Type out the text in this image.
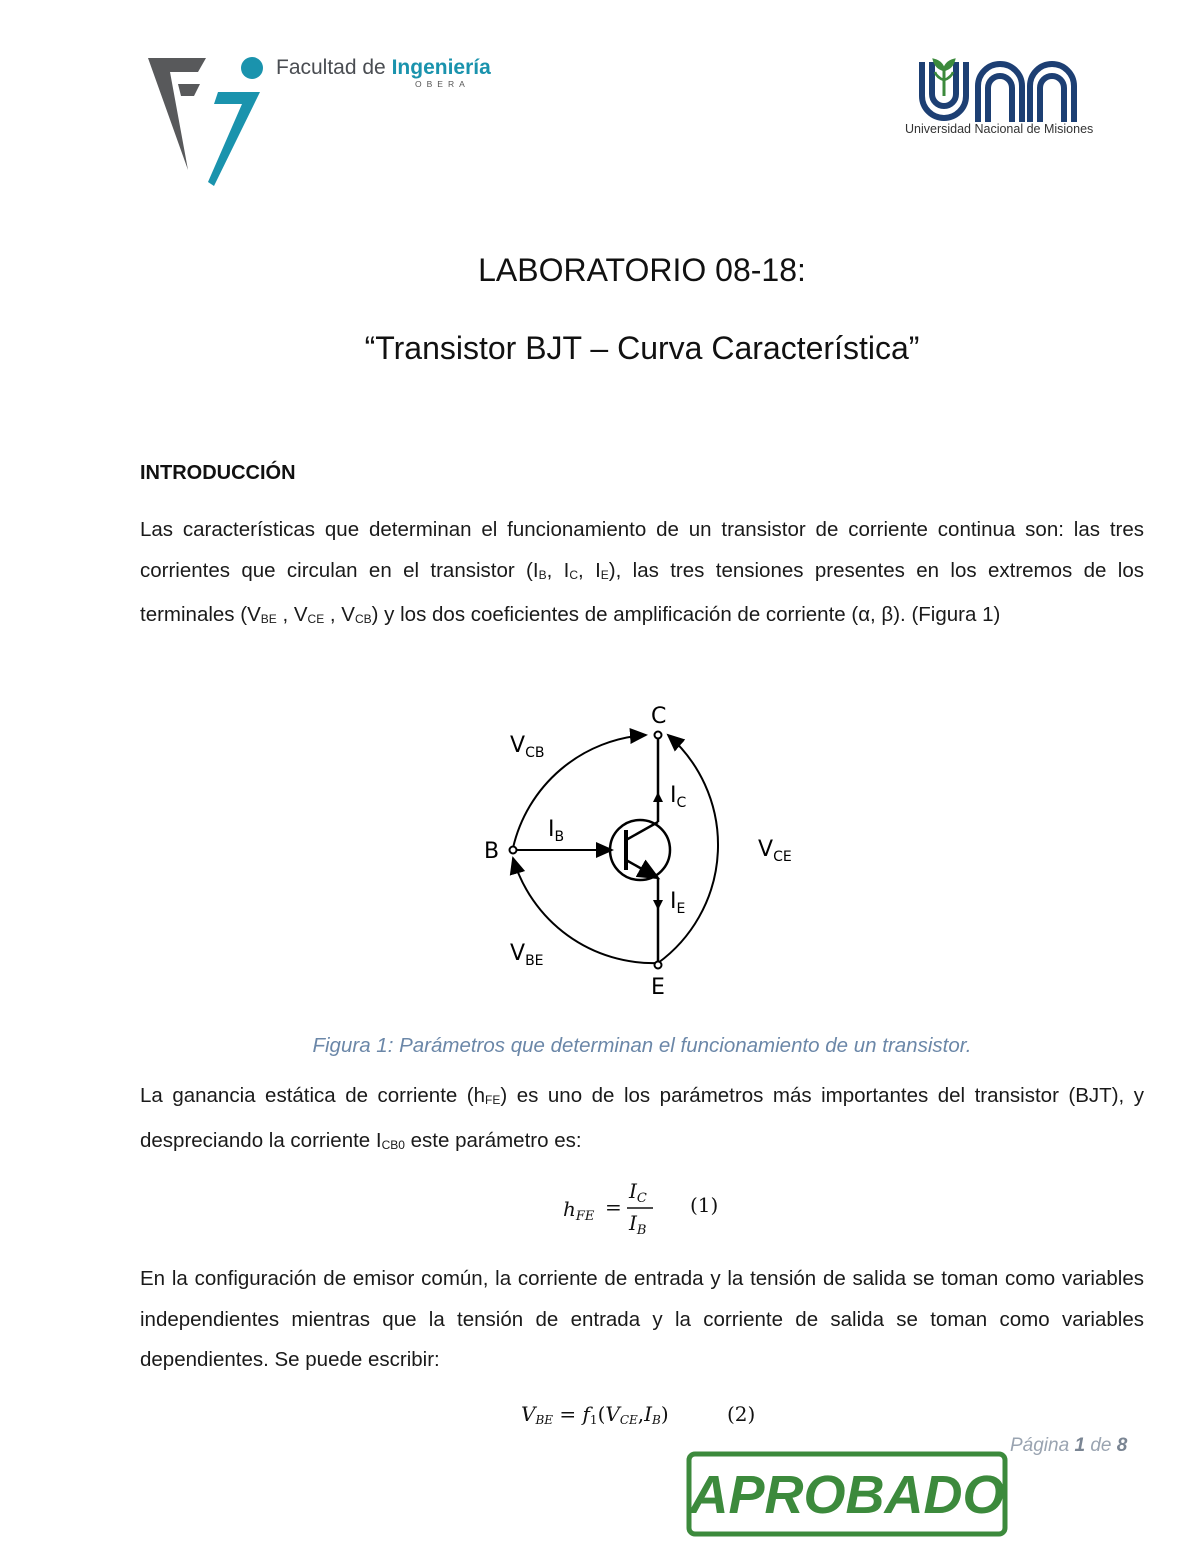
Facultad de Ingeniería
OBERA
Universidad Nacional de Misiones
LABORATORIO 08-18:
“Transistor BJT – Curva Característica”
INTRODUCCIÓN
Las características que determinan el funcionamiento de un transistor de corriente continua son: las tres corrientes que circulan en el transistor ($I_B$, $I_C$, $I_E$), las tres tensiones presentes en los extremos de los terminales ($V_{BE}$ , $V_{CE}$ , $V_{CB}$) y los dos coeficientes de amplificación de corriente (α, β). (Figura 1)
C
E
B
$V_{CB}$
$V_{CE}$
$V_{BE}$
$I_B$
$I_C$
$I_E$
Figura 1: Parámetros que determinan el funcionamiento de un transistor.
La ganancia estática de corriente $(h_{FE})$ es uno de los parámetros más importantes del transistor (BJT), y despreciando la corriente $I_{CB0}$ este parámetro es:
$h_{FE}$ =
$I_C$
$I_B$
(1)
En la configuración de emisor común, la corriente de entrada y la tensión de salida se toman como variables independientes mientras que la tensión de entrada y la corriente de salida se toman como variables dependientes. Se puede escribir:
$V_{BE} = f_1(V_{CE},I_B)$	(2)
Página 1 de 8
APROBADO
